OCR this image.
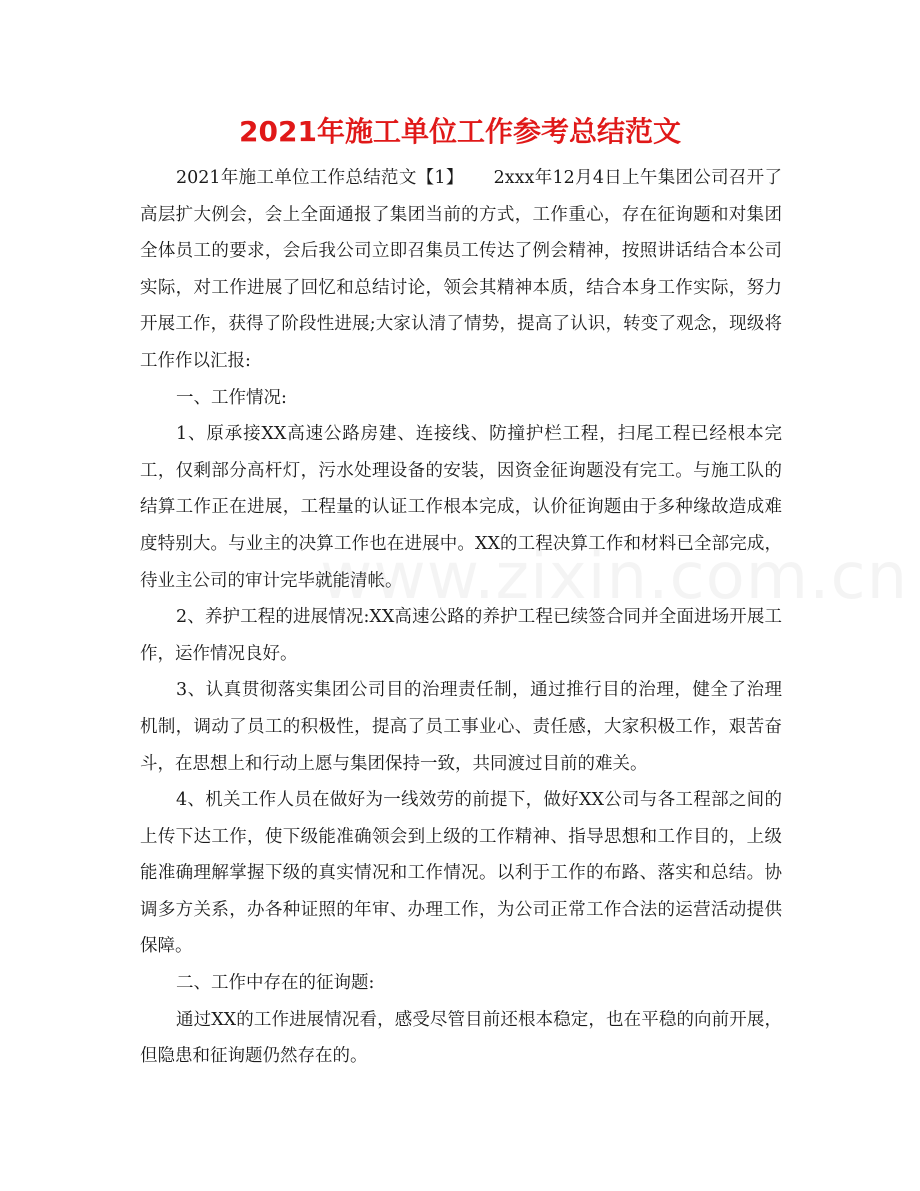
2021年施工单位工作参考总结范文

2021年施工单位工作总结范文【1】 2xxx年12月4日上午集团公司召开了高层扩大例会，会上全面通报了集团当前的方式，工作重心，存在征询题和对集团全体员工的要求，会后我公司立即召集员工传达了例会精神，按照讲话结合本公司实际，对工作进展了回忆和总结讨论，领会其精神本质，结合本身工作实际，努力开展工作，获得了阶段性进展;大家认清了情势，提高了认识，转变了观念，现级将工作作以汇报:

一、工作情况:

1、原承接XX高速公路房建、连接线、防撞护栏工程，扫尾工程已经根本完工，仅剩部分高杆灯，污水处理设备的安装，因资金征询题没有完工。与施工队的结算工作正在进展，工程量的认证工作根本完成，认价征询题由于多种缘故造成难度特别大。与业主的决算工作也在进展中。XX的工程决算工作和材料已全部完成，待业主公司的审计完毕就能清帐。

2、养护工程的进展情况:XX高速公路的养护工程已续签合同并全面进场开展工作，运作情况良好。

3、认真贯彻落实集团公司目的治理责任制，通过推行目的治理，健全了治理机制，调动了员工的积极性，提高了员工事业心、责任感，大家积极工作，艰苦奋斗，在思想上和行动上愿与集团保持一致，共同渡过目前的难关。

4、机关工作人员在做好为一线效劳的前提下，做好XX公司与各工程部之间的上传下达工作，使下级能准确领会到上级的工作精神、指导思想和工作目的，上级能准确理解掌握下级的真实情况和工作情况。以利于工作的布路、落实和总结。协调多方关系，办各种证照的年审、办理工作，为公司正常工作合法的运营活动提供保障。

二、工作中存在的征询题:

通过XX的工作进展情况看，感受尽管目前还根本稳定，也在平稳的向前开展，但隐患和征询题仍然存在的。
